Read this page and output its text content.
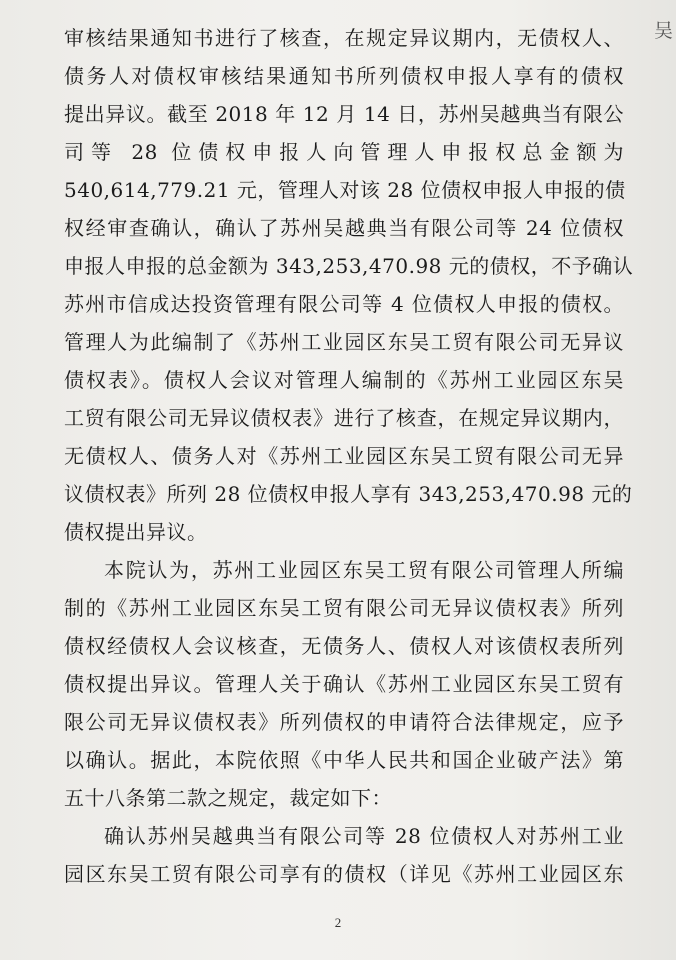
吴
审核结果通知书进行了核查，在规定异议期内，无债权人、
债务人对债权审核结果通知书所列债权申报人享有的债权
提出异议。截至 2018 年 12 月 14 日，苏州吴越典当有限公
司等 28 位债权申报人向管理人申报权总金额为
540,614,779.21 元，管理人对该 28 位债权申报人申报的债
权经审查确认，确认了苏州吴越典当有限公司等 24 位债权
申报人申报的总金额为 343,253,470.98 元的债权，不予确认
苏州市信成达投资管理有限公司等 4 位债权人申报的债权。
管理人为此编制了《苏州工业园区东吴工贸有限公司无异议
债权表》。债权人会议对管理人编制的《苏州工业园区东吴
工贸有限公司无异议债权表》进行了核查，在规定异议期内，
无债权人、债务人对《苏州工业园区东吴工贸有限公司无异
议债权表》所列 28 位债权申报人享有 343,253,470.98 元的
债权提出异议。
本院认为，苏州工业园区东吴工贸有限公司管理人所编
制的《苏州工业园区东吴工贸有限公司无异议债权表》所列
债权经债权人会议核查，无债务人、债权人对该债权表所列
债权提出异议。管理人关于确认《苏州工业园区东吴工贸有
限公司无异议债权表》所列债权的申请符合法律规定，应予
以确认。据此，本院依照《中华人民共和国企业破产法》第
五十八条第二款之规定，裁定如下：
确认苏州吴越典当有限公司等 28 位债权人对苏州工业
园区东吴工贸有限公司享有的债权（详见《苏州工业园区东
2
